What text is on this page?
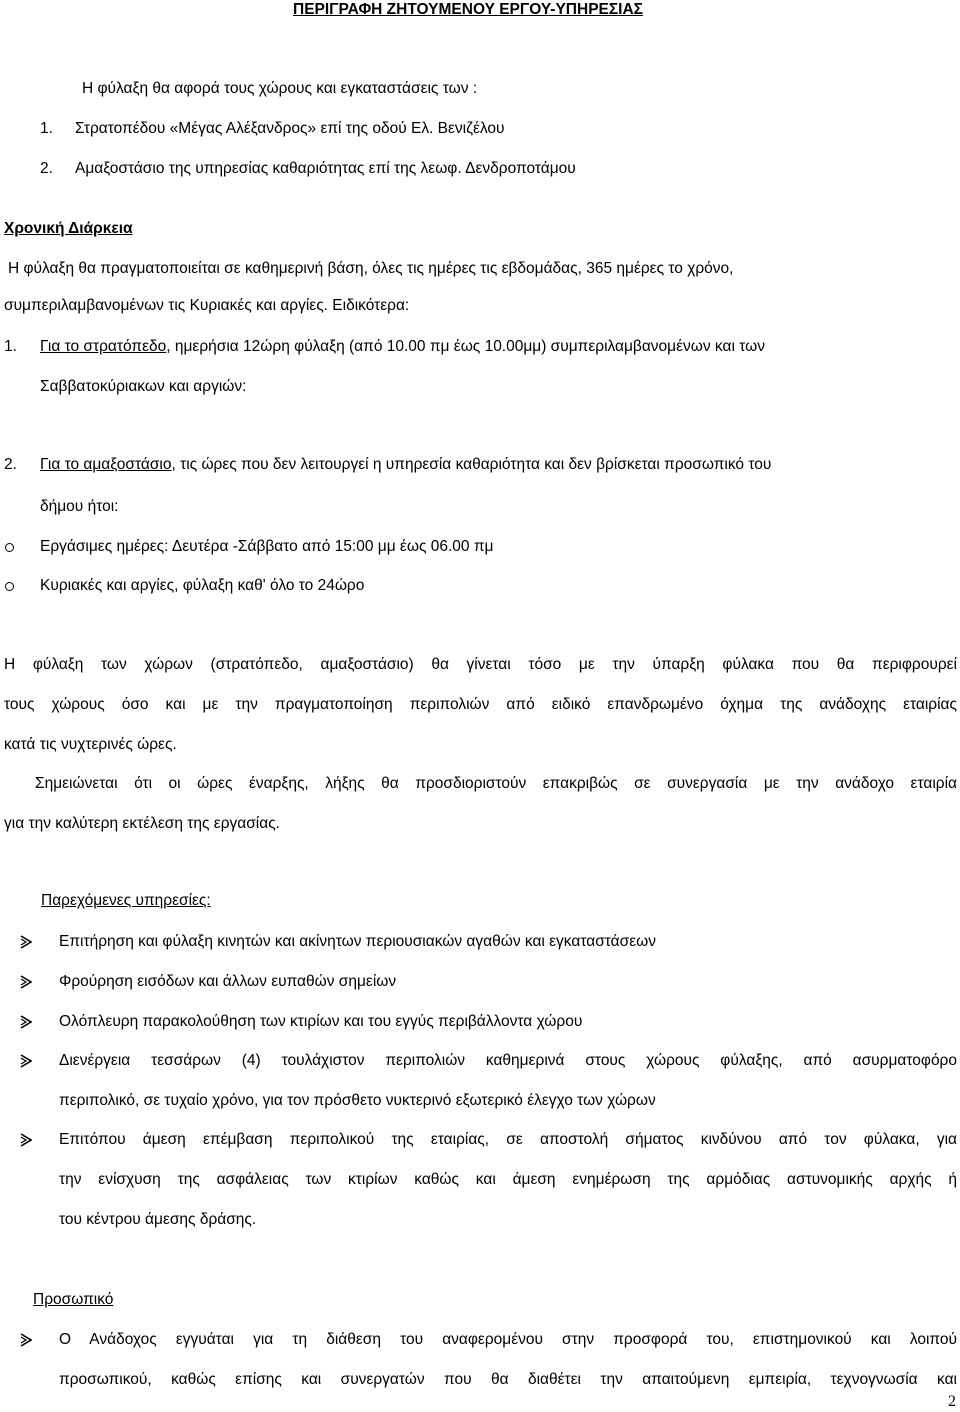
ΠΕΡΙΓΡΑΦΗ ΖΗΤΟΥΜΕΝΟΥ ΕΡΓΟΥ-ΥΠΗΡΕΣΙΑΣ
Η φύλαξη θα αφορά τους χώρους και εγκαταστάσεις των :
1. Στρατοπέδου «Μέγας Αλέξανδρος» επί της οδού Ελ. Βενιζέλου
2. Αμαξοστάσιο της υπηρεσίας καθαριότητας επί της λεωφ. Δενδροποτάμου
Χρονική Διάρκεια
Η φύλαξη θα πραγματοποιείται σε καθημερινή βάση, όλες τις ημέρες τις εβδομάδας, 365 ημέρες το χρόνο,
συμπεριλαμβανομένων τις Κυριακές και αργίες. Ειδικότερα:
1. Για το στρατόπεδο, ημερήσια 12ώρη φύλαξη (από 10.00 πμ έως 10.00μμ) συμπεριλαμβανομένων και των
Σαββατοκύριακων και αργιών:
2. Για το αμαξοστάσιο, τις ώρες που δεν λειτουργεί η υπηρεσία καθαριότητα και δεν βρίσκεται προσωπικό του
δήμου ήτοι:
Εργάσιμες ημέρες: Δευτέρα -Σάββατο από 15:00 μμ έως 06.00 πμ
Κυριακές και αργίες, φύλαξη καθ' όλο το 24ώρο
Η φύλαξη των χώρων (στρατόπεδο, αμαξοστάσιο) θα γίνεται τόσο με την ύπαρξη φύλακα που θα περιφρουρεί
τους χώρους όσο και με την πραγματοποίηση περιπολιών από ειδικό επανδρωμένο όχημα της ανάδοχης εταιρίας
κατά τις νυχτερινές ώρες.
Σημειώνεται ότι οι ώρες έναρξης, λήξης θα προσδιοριστούν επακριβώς σε συνεργασία με την ανάδοχο εταιρία
για την καλύτερη εκτέλεση της εργασίας.
Παρεχόμενες υπηρεσίες:
Επιτήρηση και φύλαξη κινητών και ακίνητων περιουσιακών αγαθών και εγκαταστάσεων
Φρούρηση εισόδων και άλλων ευπαθών σημείων
Ολόπλευρη παρακολούθηση των κτιρίων και του εγγύς περιβάλλοντα χώρου
Διενέργεια τεσσάρων (4) τουλάχιστον περιπολιών καθημερινά στους χώρους φύλαξης, από ασυρματοφόρο
περιπολικό, σε τυχαίο χρόνο, για τον πρόσθετο νυκτερινό εξωτερικό έλεγχο των χώρων
Επιτόπου άμεση επέμβαση περιπολικού της εταιρίας, σε αποστολή σήματος κινδύνου από τον φύλακα, για
την ενίσχυση της ασφάλειας των κτιρίων καθώς και άμεση ενημέρωση της αρμόδιας αστυνομικής αρχής ή
του κέντρου άμεσης δράσης.
Προσωπικό
Ο Ανάδοχος εγγυάται για τη διάθεση του αναφερομένου στην προσφορά του, επιστημονικού και λοιπού
προσωπικού, καθώς επίσης και συνεργατών που θα διαθέτει την απαιτούμενη εμπειρία, τεχνογνωσία και
2
